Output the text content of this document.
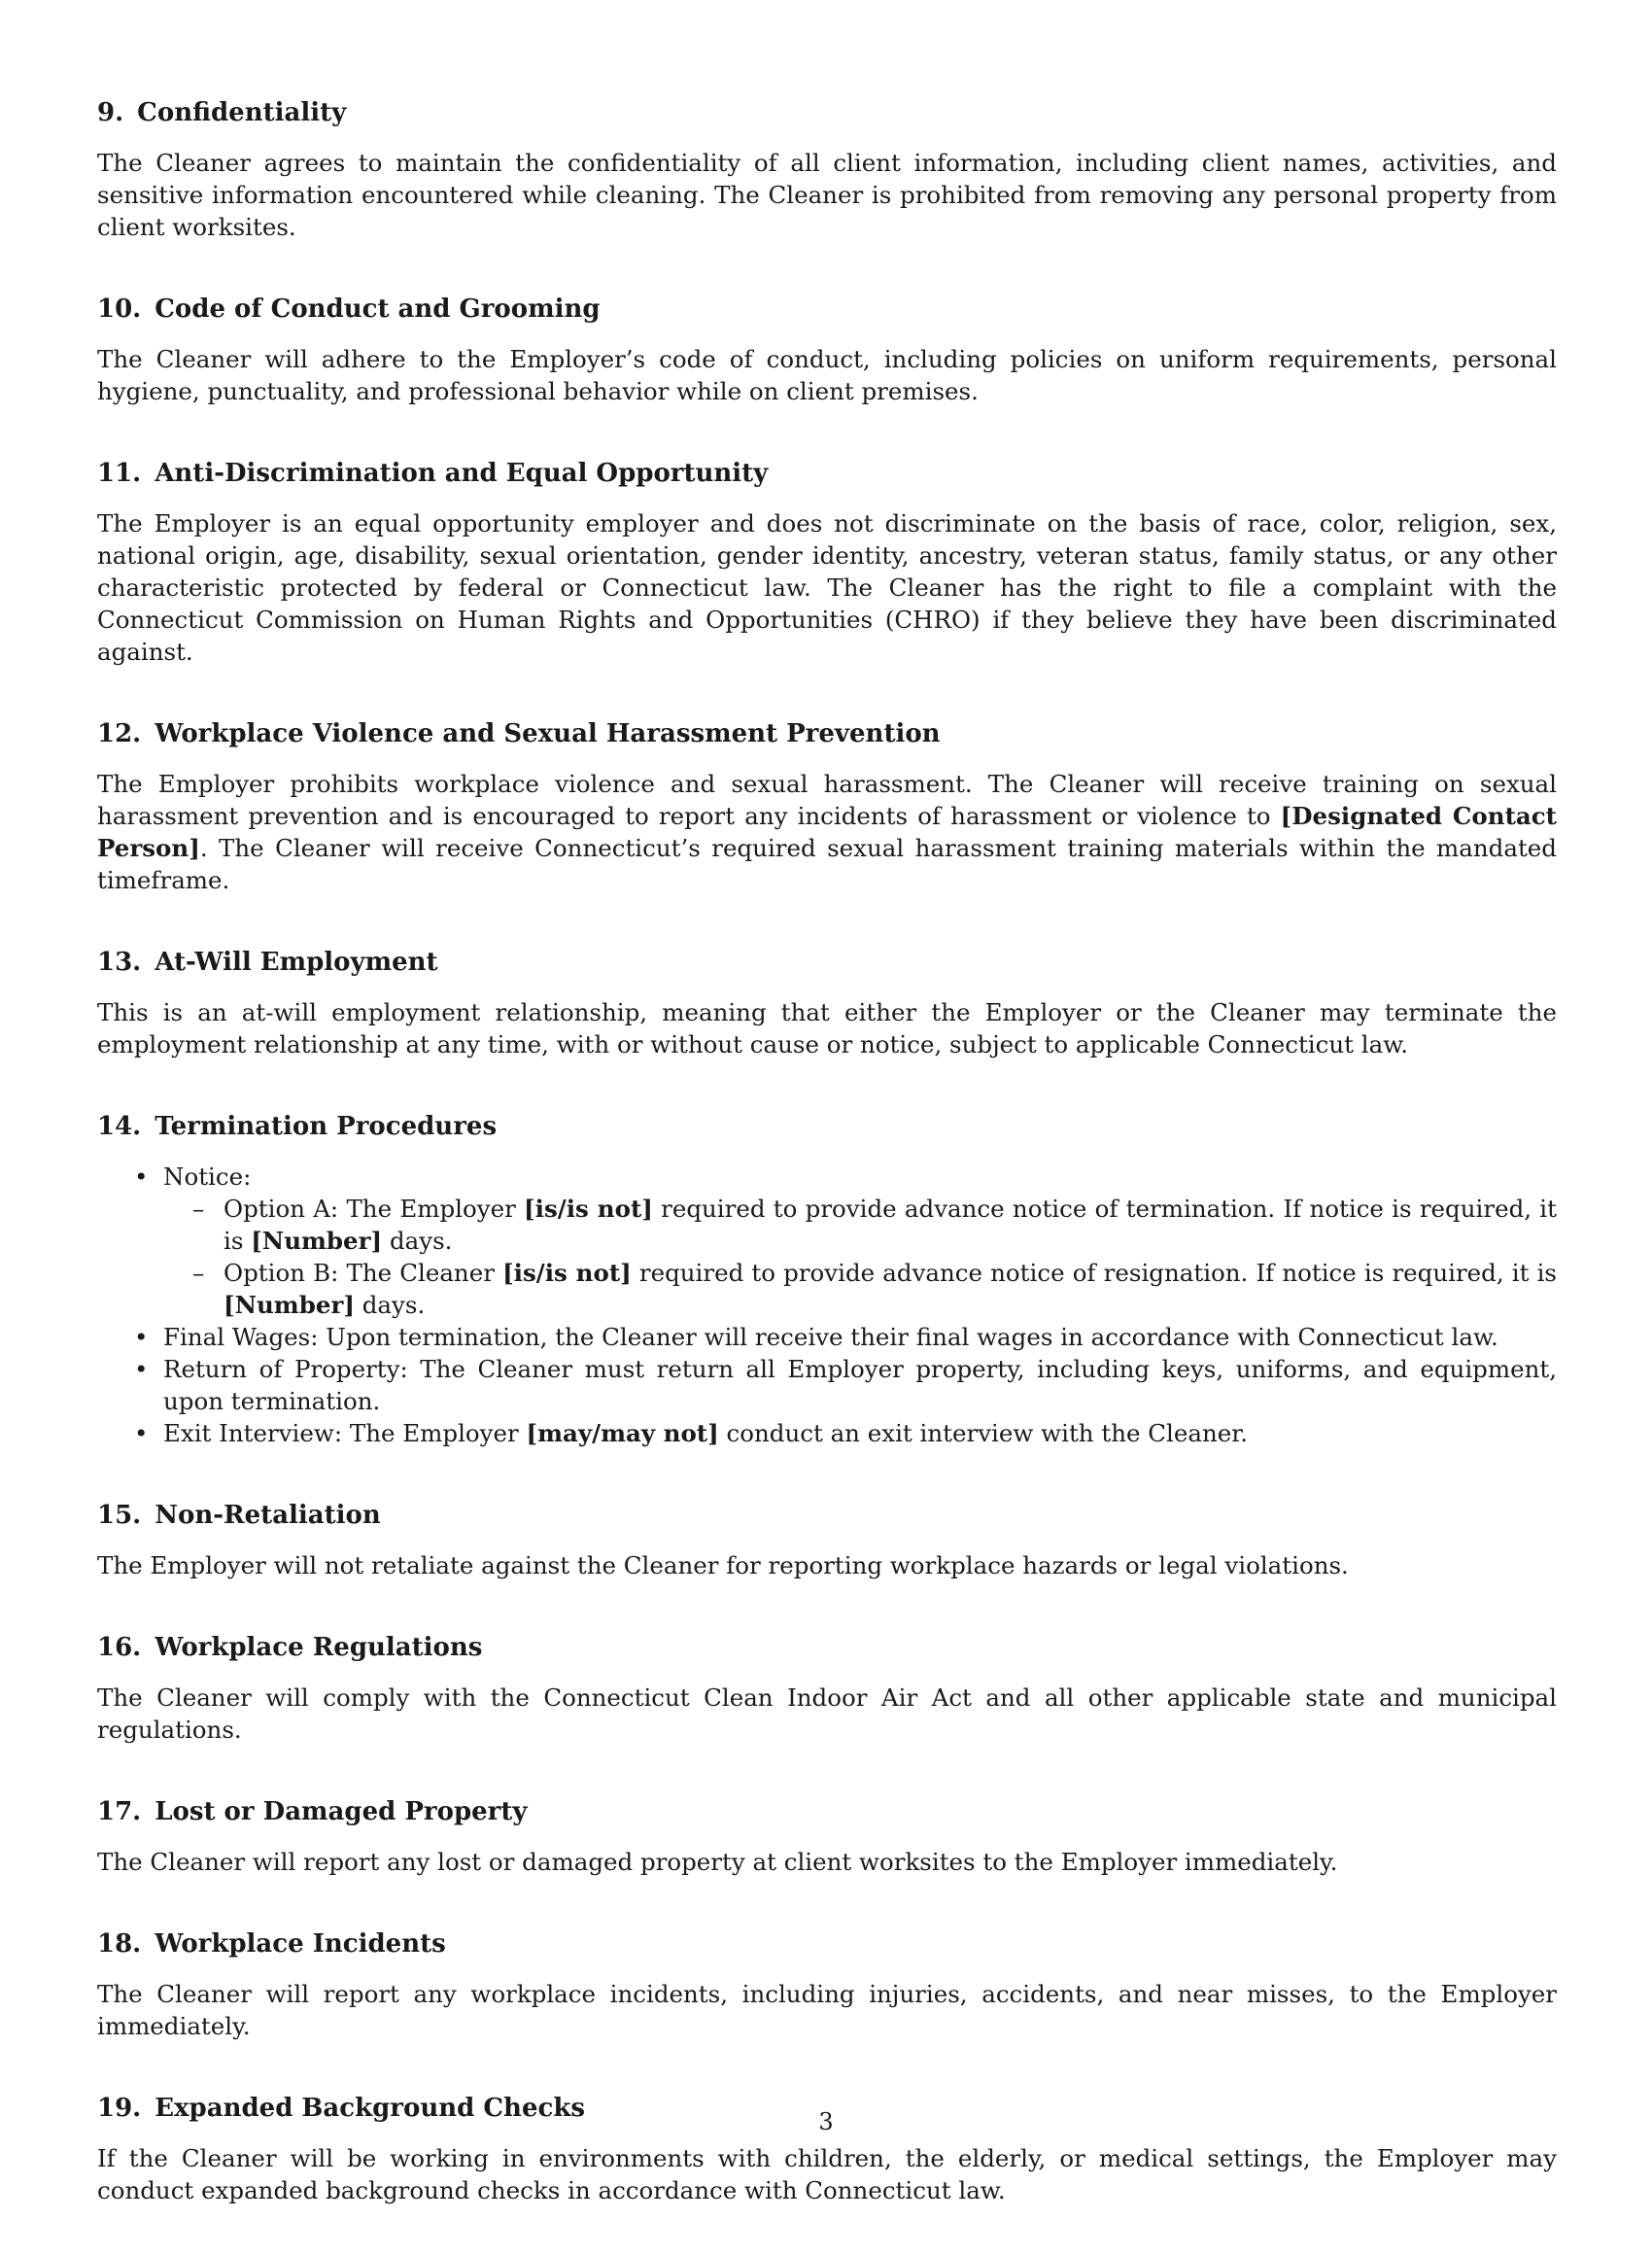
9. Confidentiality

The Cleaner agrees to maintain the confidentiality of all client information, including client names, activities, and sensitive information encountered while cleaning. The Cleaner is prohibited from removing any personal property from client worksites.

10. Code of Conduct and Grooming

The Cleaner will adhere to the Employer’s code of conduct, including policies on uniform requirements, personal hygiene, punctuality, and professional behavior while on client premises.

11. Anti-Discrimination and Equal Opportunity

The Employer is an equal opportunity employer and does not discriminate on the basis of race, color, religion, sex, national origin, age, disability, sexual orientation, gender identity, ancestry, veteran status, family status, or any other characteristic protected by federal or Connecticut law. The Cleaner has the right to file a complaint with the Connecticut Commission on Human Rights and Opportunities (CHRO) if they believe they have been discriminated against.

12. Workplace Violence and Sexual Harassment Prevention

The Employer prohibits workplace violence and sexual harassment. The Cleaner will receive training on sexual harassment prevention and is encouraged to report any incidents of harassment or violence to [Designated Contact Person]. The Cleaner will receive Connecticut’s required sexual harassment training materials within the mandated timeframe.

13. At-Will Employment

This is an at-will employment relationship, meaning that either the Employer or the Cleaner may terminate the employment relationship at any time, with or without cause or notice, subject to applicable Connecticut law.

14. Termination Procedures
• Notice:
– Option A: The Employer [is/is not] required to provide advance notice of termination. If notice is required, it is [Number] days.
– Option B: The Cleaner [is/is not] required to provide advance notice of resignation. If notice is required, it is [Number] days.
• Final Wages: Upon termination, the Cleaner will receive their final wages in accordance with Connecticut law.
• Return of Property: The Cleaner must return all Employer property, including keys, uniforms, and equipment, upon termination.
• Exit Interview: The Employer [may/may not] conduct an exit interview with the Cleaner.
15. Non-Retaliation

The Employer will not retaliate against the Cleaner for reporting workplace hazards or legal violations.

16. Workplace Regulations

The Cleaner will comply with the Connecticut Clean Indoor Air Act and all other applicable state and municipal regulations.

17. Lost or Damaged Property

The Cleaner will report any lost or damaged property at client worksites to the Employer immediately.

18. Workplace Incidents

The Cleaner will report any workplace incidents, including injuries, accidents, and near misses, to the Employer immediately.

19. Expanded Background Checks

If the Cleaner will be working in environments with children, the elderly, or medical settings, the Employer may conduct expanded background checks in accordance with Connecticut law.

3
